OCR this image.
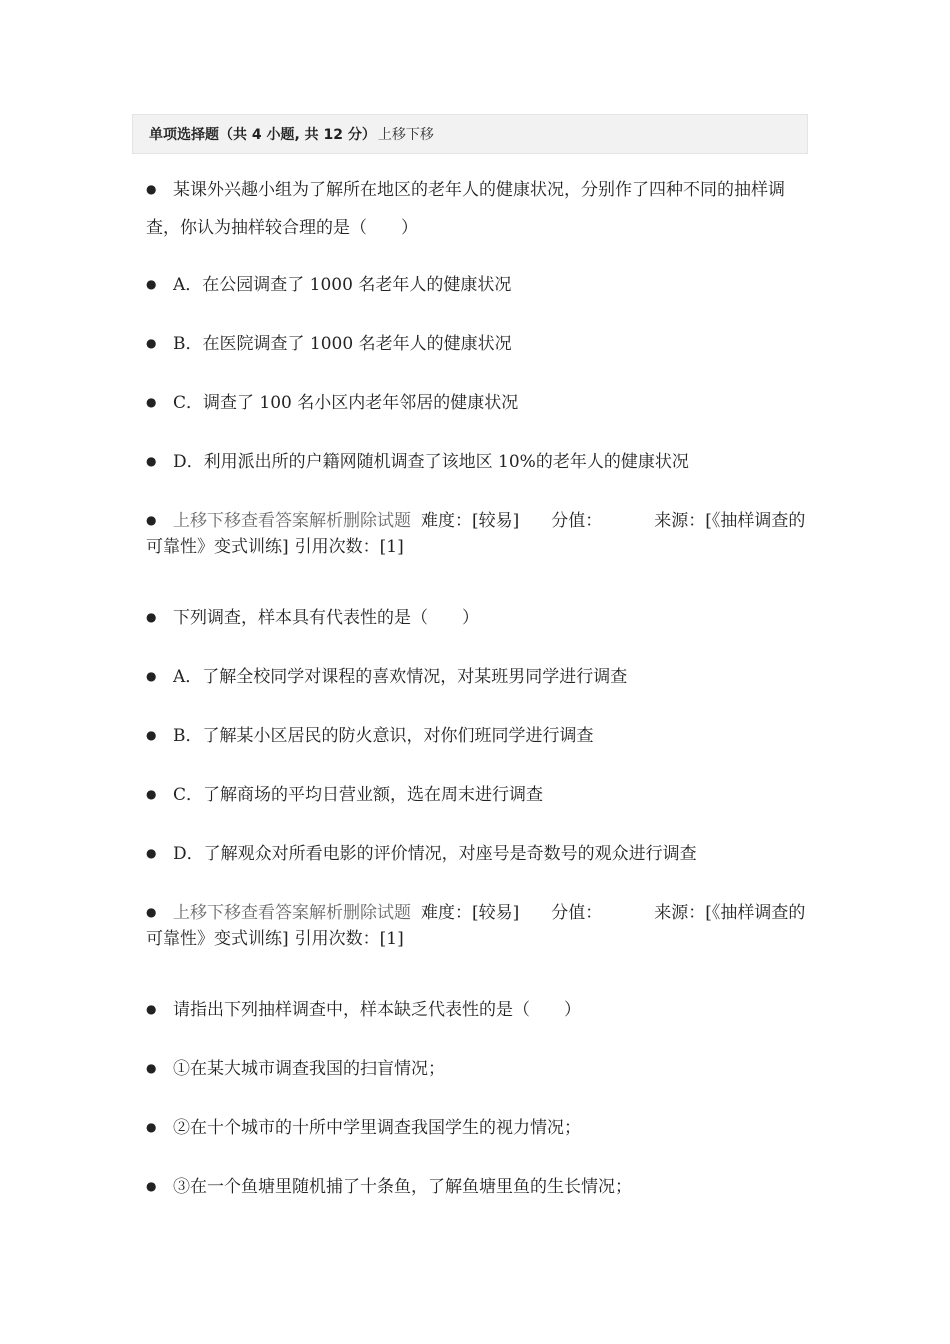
单项选择题（共 4 小题, 共 12 分） 上移下移
● 某课外兴趣小组为了解所在地区的老年人的健康状况，分别作了四种不同的抽样调查，你认为抽样较合理的是（　　）
● A．在公园调查了 1000 名老年人的健康状况
● B．在医院调查了 1000 名老年人的健康状况
● C．调查了 100 名小区内老年邻居的健康状况
● D．利用派出所的户籍网随机调查了该地区 10%的老年人的健康状况
● 上移下移查看答案解析删除试题 难度：[较易] 分值：	来源：[《抽样调查的可靠性》变式训练] 引用次数：[1]
● 下列调查，样本具有代表性的是（　　）
● A．了解全校同学对课程的喜欢情况，对某班男同学进行调查
● B．了解某小区居民的防火意识，对你们班同学进行调查
● C．了解商场的平均日营业额，选在周末进行调查
● D．了解观众对所看电影的评价情况，对座号是奇数号的观众进行调查
● 上移下移查看答案解析删除试题 难度：[较易] 分值：	来源：[《抽样调查的可靠性》变式训练] 引用次数：[1]
● 请指出下列抽样调查中，样本缺乏代表性的是（　　）
● ①在某大城市调查我国的扫盲情况；
● ②在十个城市的十所中学里调查我国学生的视力情况；
● ③在一个鱼塘里随机捕了十条鱼，了解鱼塘里鱼的生长情况；
